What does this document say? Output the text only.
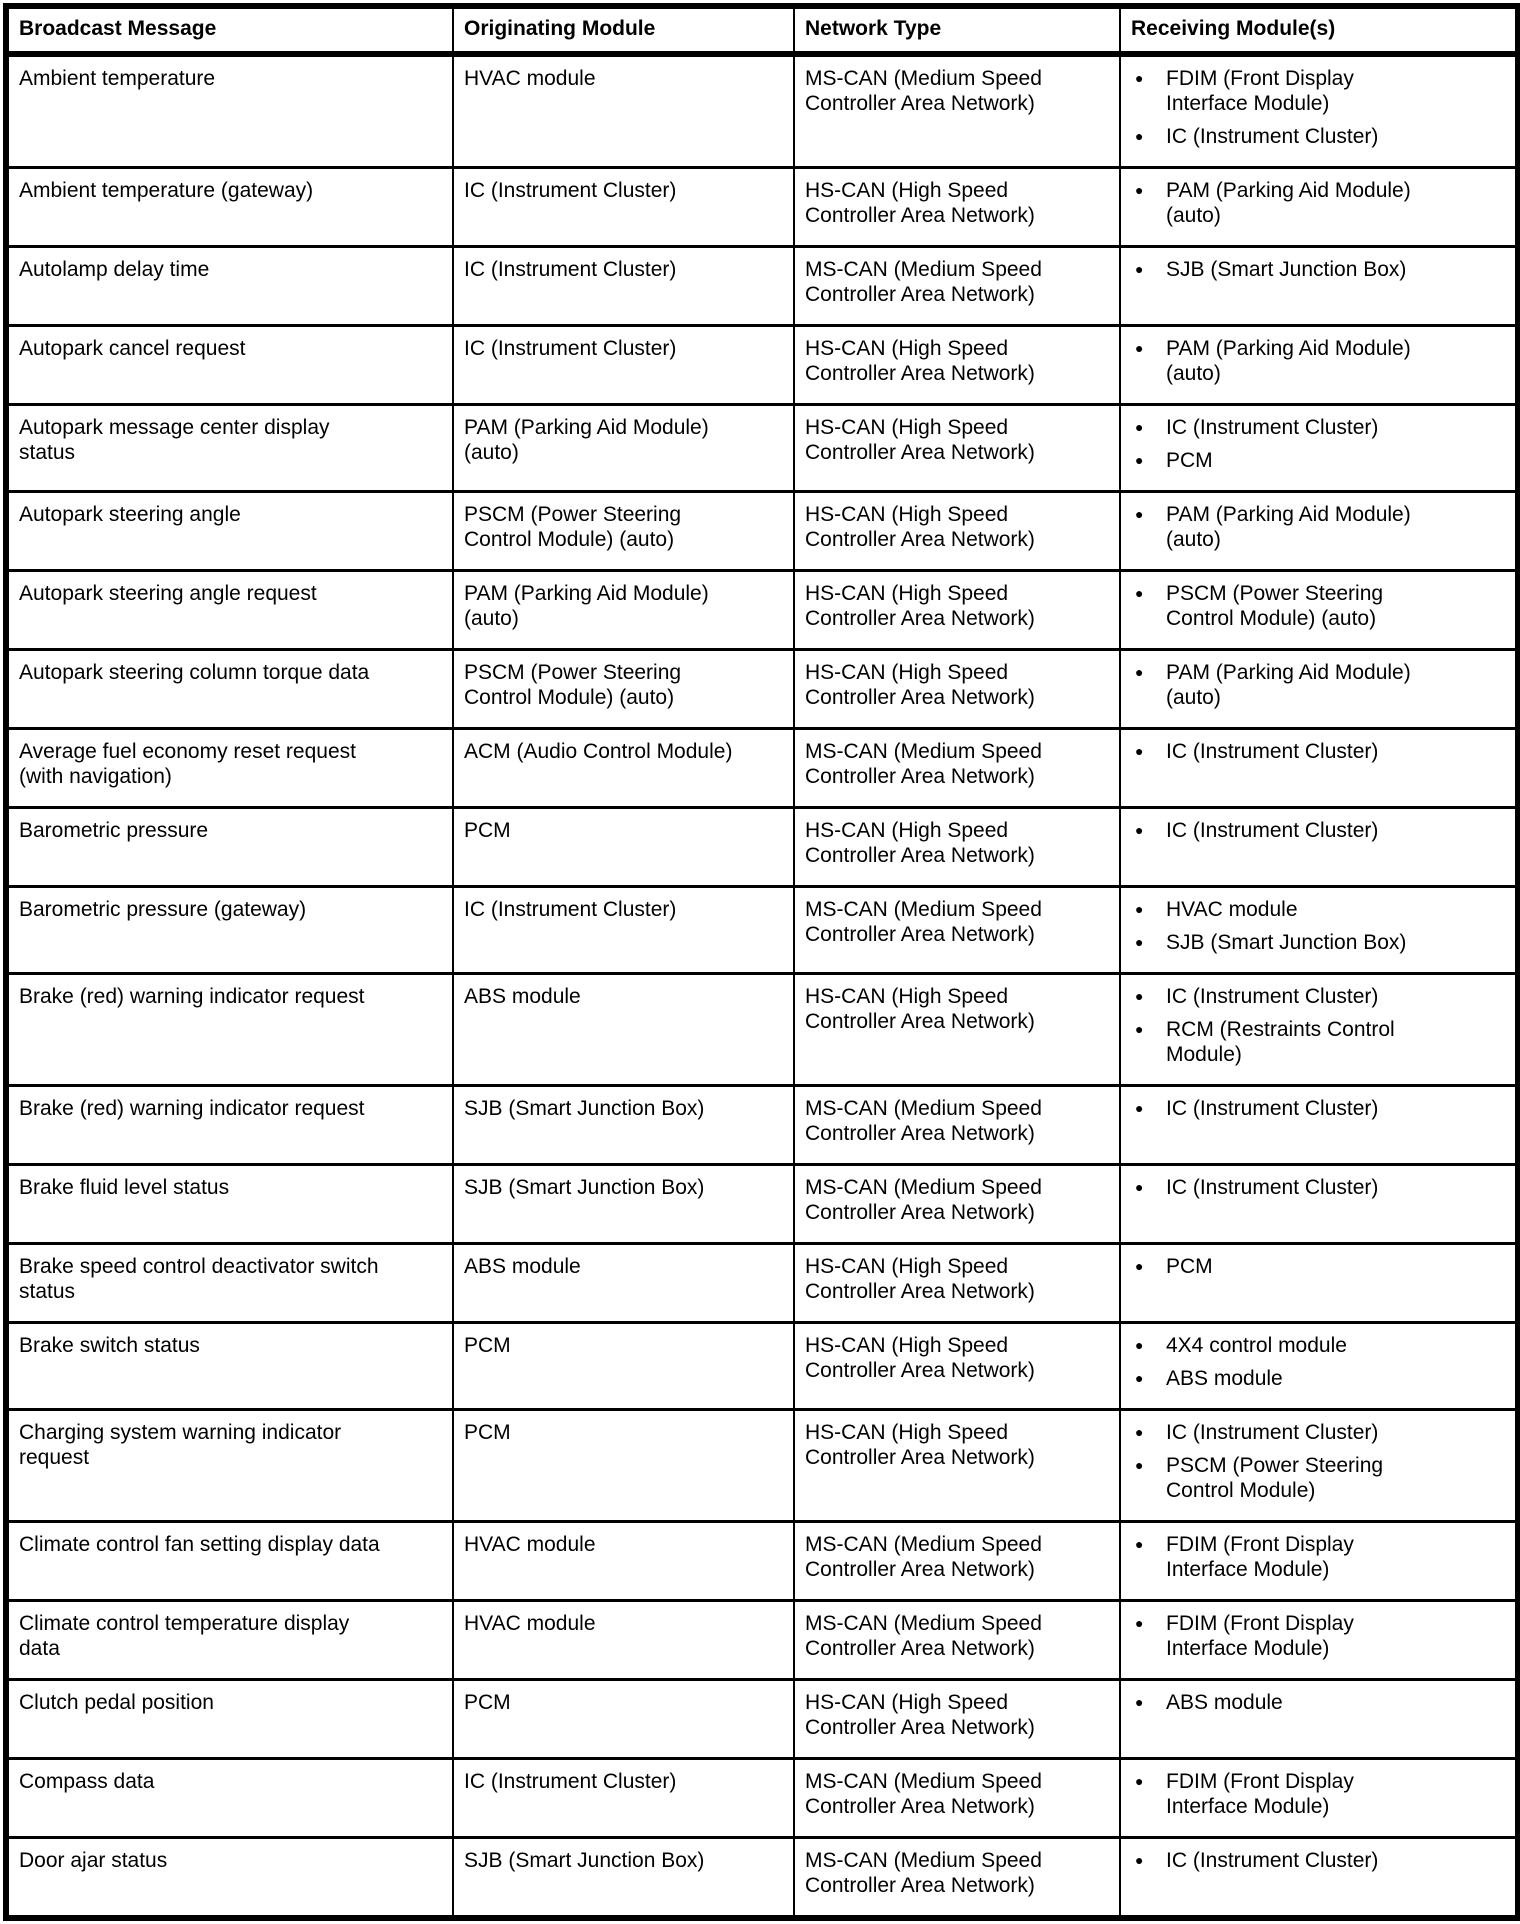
Broadcast Message	Originating Module	Network Type	Receiving Module(s)
Ambient temperature	HVAC module	MS-CAN (Medium Speed Controller Area Network)	
●	FDIM (Front Display Interface Module)
●	IC (Instrument Cluster)

Ambient temperature (gateway)	IC (Instrument Cluster)	HS-CAN (High Speed Controller Area Network)	
●	PAM (Parking Aid Module) (auto)

Autolamp delay time	IC (Instrument Cluster)	MS-CAN (Medium Speed Controller Area Network)	
●	SJB (Smart Junction Box)

Autopark cancel request	IC (Instrument Cluster)	HS-CAN (High Speed Controller Area Network)	
●	PAM (Parking Aid Module) (auto)

Autopark message center display status	PAM (Parking Aid Module) (auto)	HS-CAN (High Speed Controller Area Network)	
●	IC (Instrument Cluster)
●	PCM

Autopark steering angle	PSCM (Power Steering Control Module) (auto)	HS-CAN (High Speed Controller Area Network)	
●	PAM (Parking Aid Module) (auto)

Autopark steering angle request	PAM (Parking Aid Module) (auto)	HS-CAN (High Speed Controller Area Network)	
●	PSCM (Power Steering Control Module) (auto)

Autopark steering column torque data	PSCM (Power Steering Control Module) (auto)	HS-CAN (High Speed Controller Area Network)	
●	PAM (Parking Aid Module) (auto)

Average fuel economy reset request (with navigation)	ACM (Audio Control Module)	MS-CAN (Medium Speed Controller Area Network)	
●	IC (Instrument Cluster)

Barometric pressure	PCM	HS-CAN (High Speed Controller Area Network)	
●	IC (Instrument Cluster)

Barometric pressure (gateway)	IC (Instrument Cluster)	MS-CAN (Medium Speed Controller Area Network)	
●	HVAC module
●	SJB (Smart Junction Box)

Brake (red) warning indicator request	ABS module	HS-CAN (High Speed Controller Area Network)	
●	IC (Instrument Cluster)
●	RCM (Restraints Control Module)

Brake (red) warning indicator request	SJB (Smart Junction Box)	MS-CAN (Medium Speed Controller Area Network)	
●	IC (Instrument Cluster)

Brake fluid level status	SJB (Smart Junction Box)	MS-CAN (Medium Speed Controller Area Network)	
●	IC (Instrument Cluster)

Brake speed control deactivator switch status	ABS module	HS-CAN (High Speed Controller Area Network)	
●	PCM

Brake switch status	PCM	HS-CAN (High Speed Controller Area Network)	
●	4X4 control module
●	ABS module

Charging system warning indicator request	PCM	HS-CAN (High Speed Controller Area Network)	
●	IC (Instrument Cluster)
●	PSCM (Power Steering Control Module)

Climate control fan setting display data	HVAC module	MS-CAN (Medium Speed Controller Area Network)	
●	FDIM (Front Display Interface Module)

Climate control temperature display data	HVAC module	MS-CAN (Medium Speed Controller Area Network)	
●	FDIM (Front Display Interface Module)

Clutch pedal position	PCM	HS-CAN (High Speed Controller Area Network)	
●	ABS module

Compass data	IC (Instrument Cluster)	MS-CAN (Medium Speed Controller Area Network)	
●	FDIM (Front Display Interface Module)

Door ajar status	SJB (Smart Junction Box)	MS-CAN (Medium Speed Controller Area Network)	
●	IC (Instrument Cluster)
